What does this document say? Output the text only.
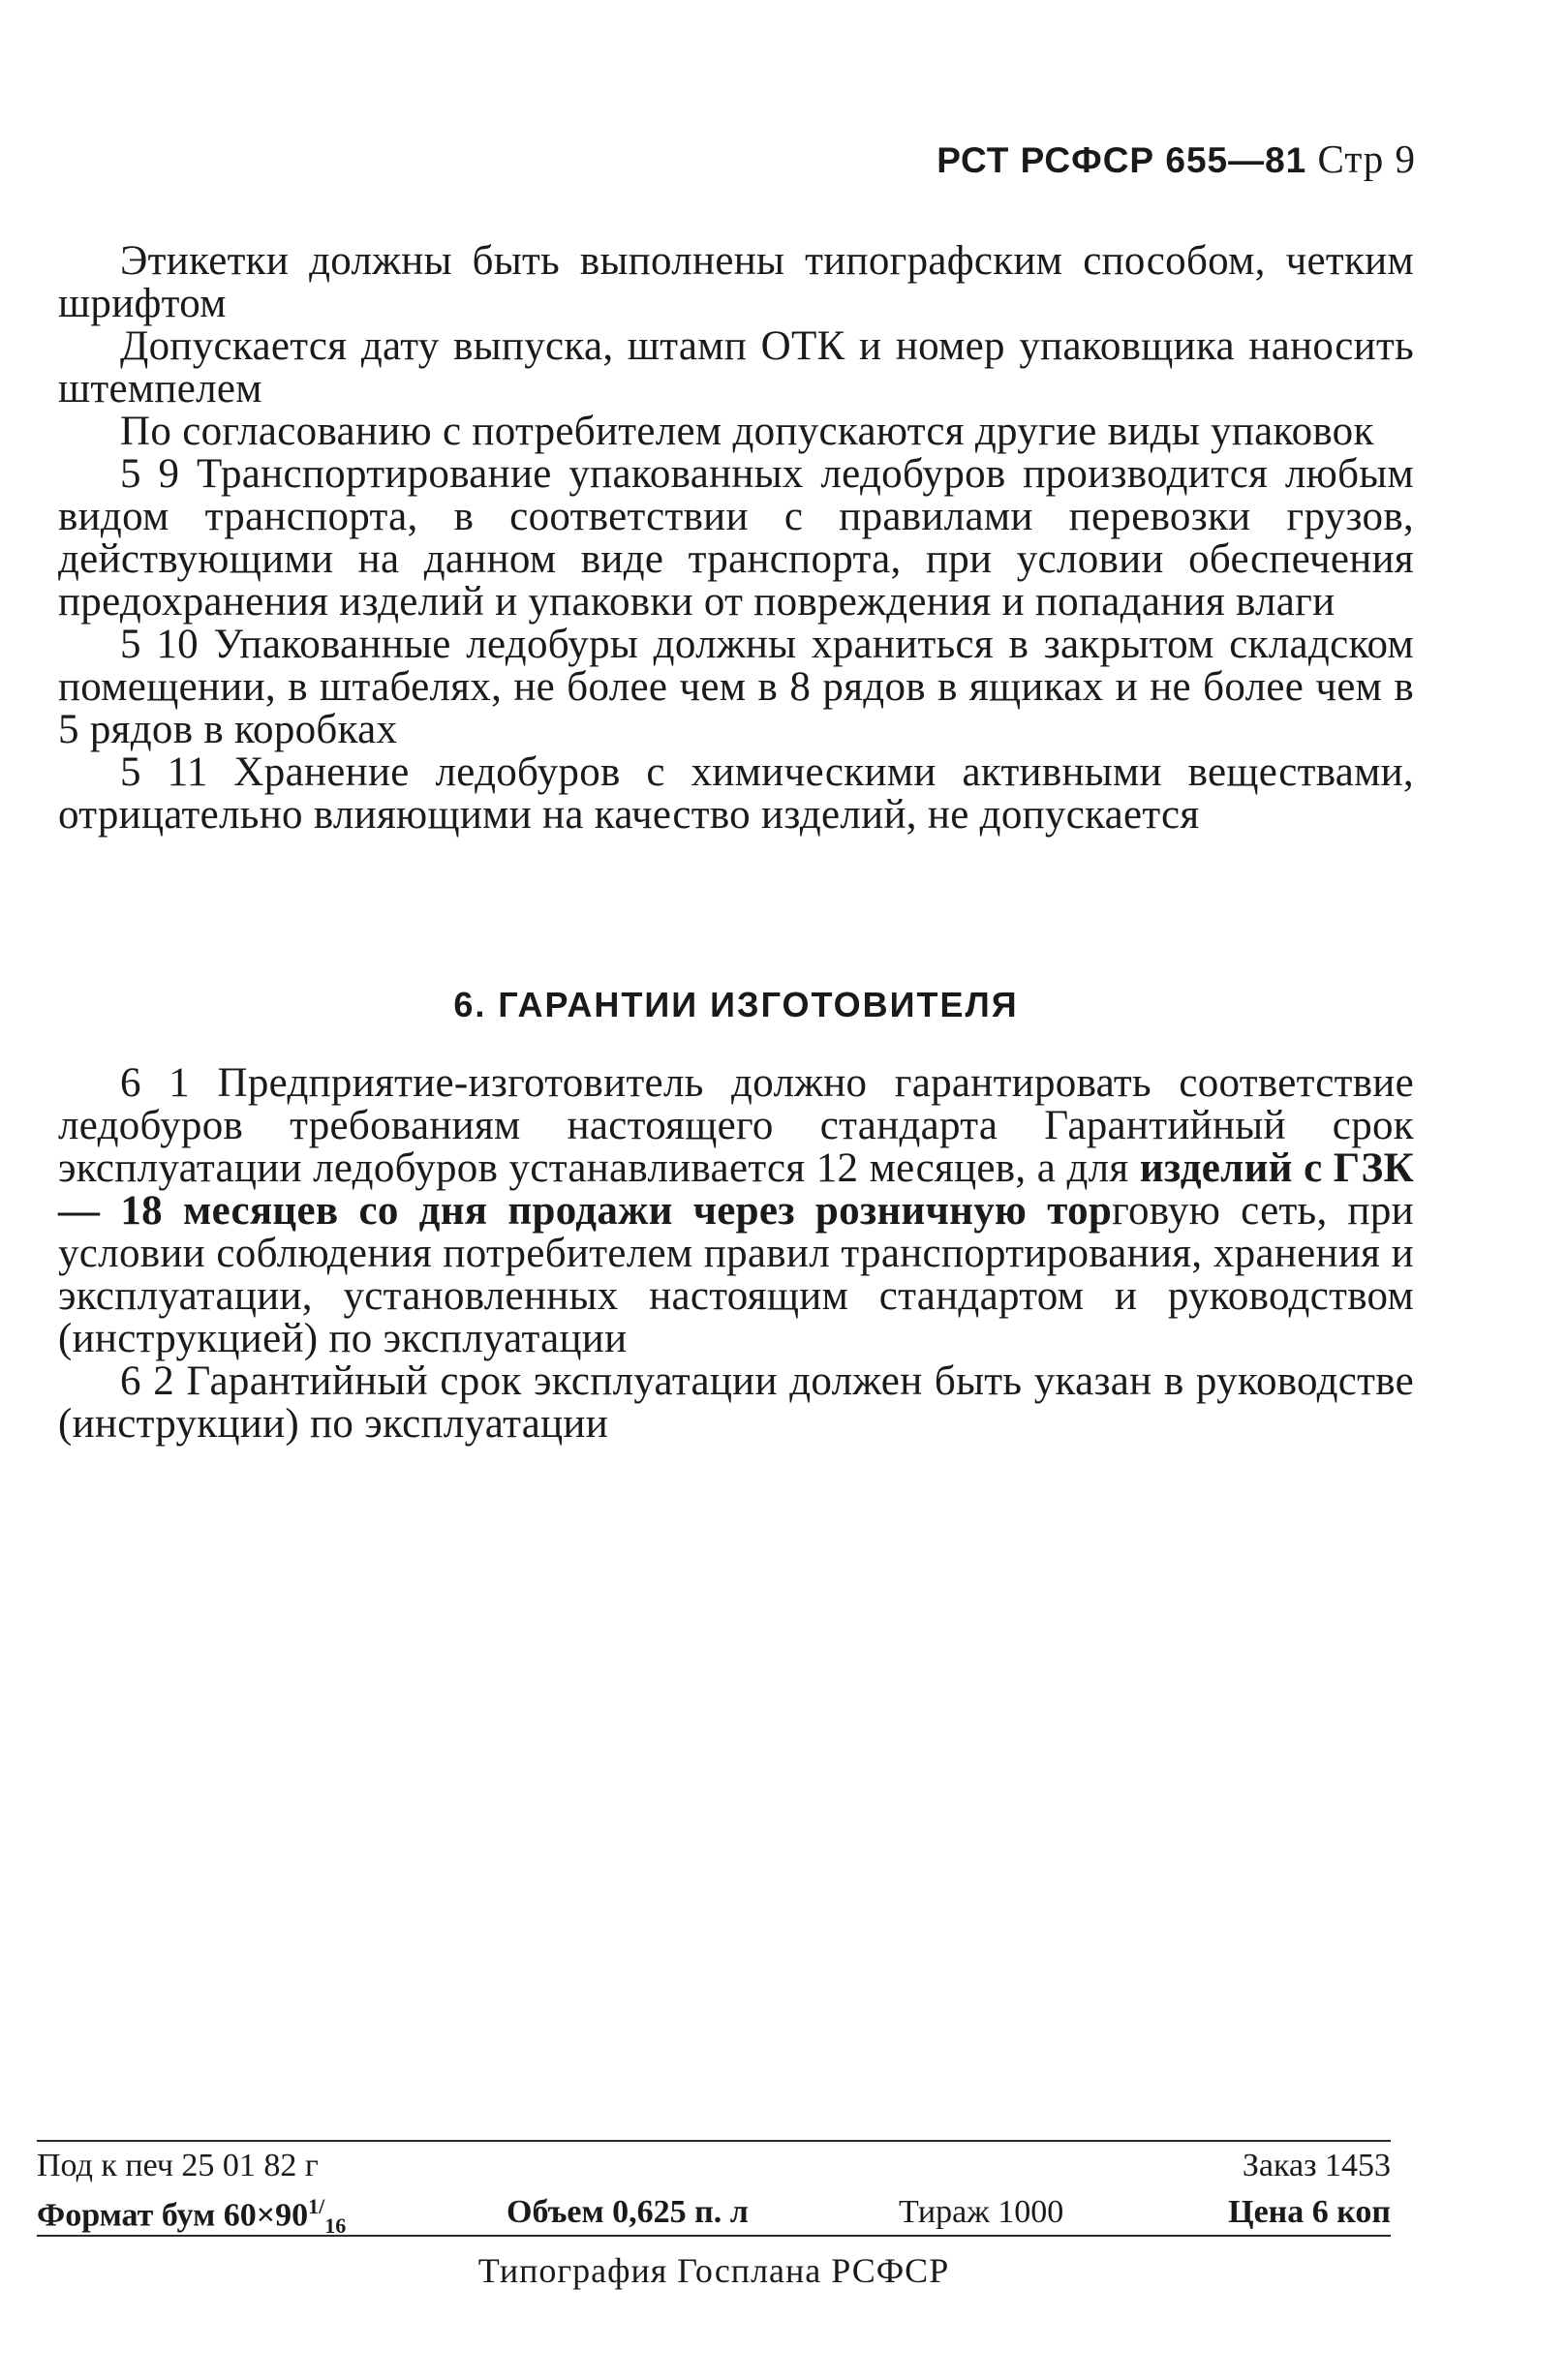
РСТ РСФСР 655—81 Стр 9

Этикетки должны быть выполнены типографским способом, четким шрифтом

Допускается дату выпуска, штамп ОТК и номер упаковщика наносить штемпелем

По согласованию с потребителем допускаются другие виды упаковок

5 9 Транспортирование упакованных ледобуров производится любым видом транспорта, в соответствии с правилами перевозки грузов, действующими на данном виде транспорта, при условии обеспечения предохранения изделий и упаковки от повреждения и попадания влаги

5 10 Упакованные ледобуры должны храниться в закрытом складском помещении, в штабелях, не более чем в 8 рядов в ящиках и не более чем в 5 рядов в коробках

5 11 Хранение ледобуров с химическими активными веществами, отрицательно влияющими на качество изделий, не допускается

6. ГАРАНТИИ ИЗГОТОВИТЕЛЯ

6 1 Предприятие-изготовитель должно гарантировать соответствие ледобуров требованиям настоящего стандарта Гарантийный срок эксплуатации ледобуров устанавливается 12 месяцев, а для изделий с ГЗК — 18 месяцев со дня продажи через розничную торговую сеть, при условии соблюдения потребителем правил транспортирования, хранения и эксплуатации, установленных настоящим стандартом и руководством (инструкцией) по эксплуатации

6 2 Гарантийный срок эксплуатации должен быть указан в руководстве (инструкции) по эксплуатации

Под к печ 25 01 82 г	Заказ 1453
Формат бум $60\times 90^{1/}_{16}$	Объем 0,625 п. л	Тираж 1000	Цена 6 коп
Типография Госплана РСФСР
